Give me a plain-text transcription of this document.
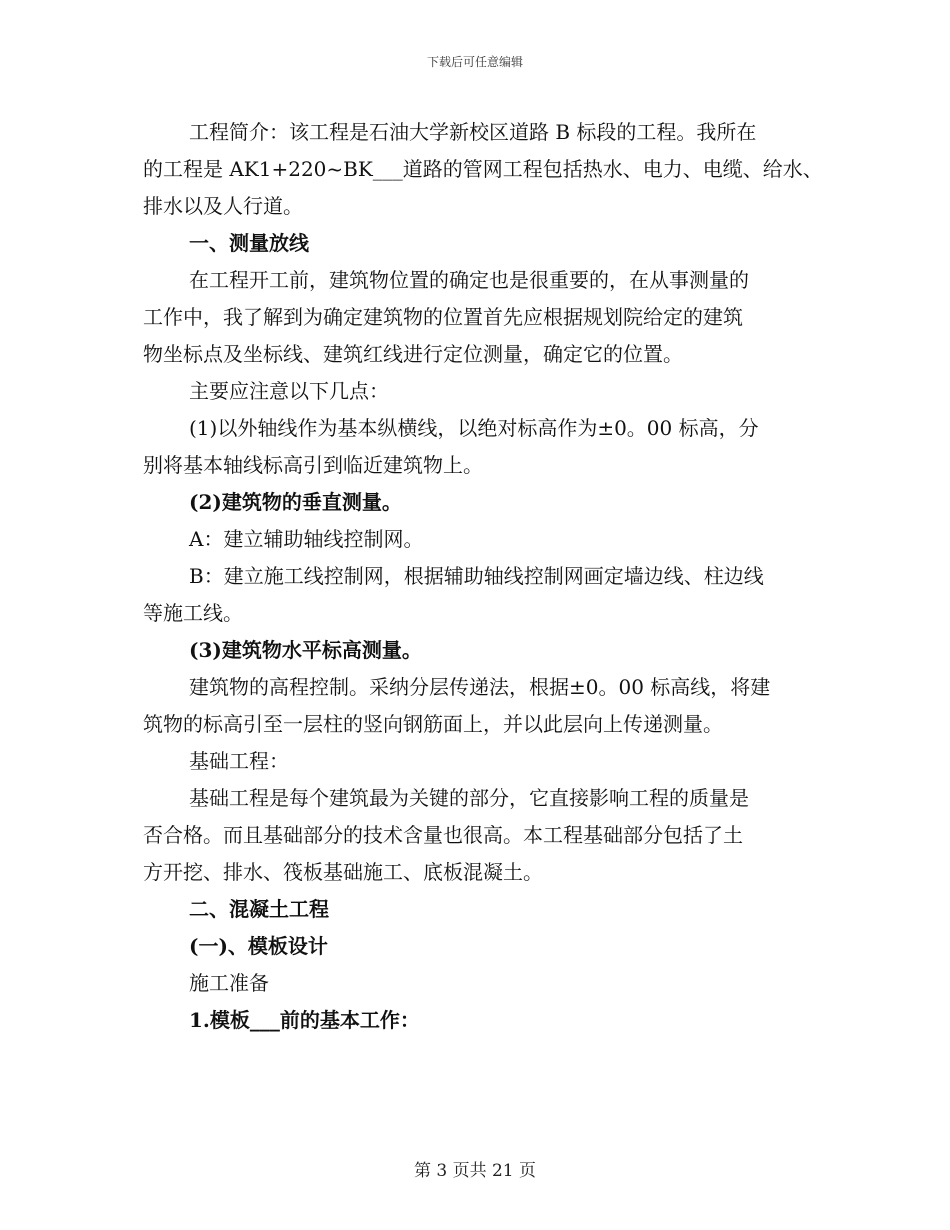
下载后可任意编辑

工程简介：该工程是石油大学新校区道路 B 标段的工程。我所在

的工程是 AK1+220~BK___道路的管网工程包括热水、电力、电缆、给水、

排水以及人行道。

一、测量放线

在工程开工前，建筑物位置的确定也是很重要的，在从事测量的

工作中，我了解到为确定建筑物的位置首先应根据规划院给定的建筑

物坐标点及坐标线、建筑红线进行定位测量，确定它的位置。

主要应注意以下几点：

(1)以外轴线作为基本纵横线，以绝对标高作为±0。00 标高，分

别将基本轴线标高引到临近建筑物上。

(2)建筑物的垂直测量。

A：建立辅助轴线控制网。

B：建立施工线控制网，根据辅助轴线控制网画定墙边线、柱边线

等施工线。

(3)建筑物水平标高测量。

建筑物的高程控制。采纳分层传递法，根据±0。00 标高线，将建

筑物的标高引至一层柱的竖向钢筋面上，并以此层向上传递测量。

基础工程：

基础工程是每个建筑最为关键的部分，它直接影响工程的质量是

否合格。而且基础部分的技术含量也很高。本工程基础部分包括了土

方开挖、排水、筏板基础施工、底板混凝土。

二、混凝土工程

(一)、模板设计

施工准备

1.模板___前的基本工作：

第 3 页共 21 页
